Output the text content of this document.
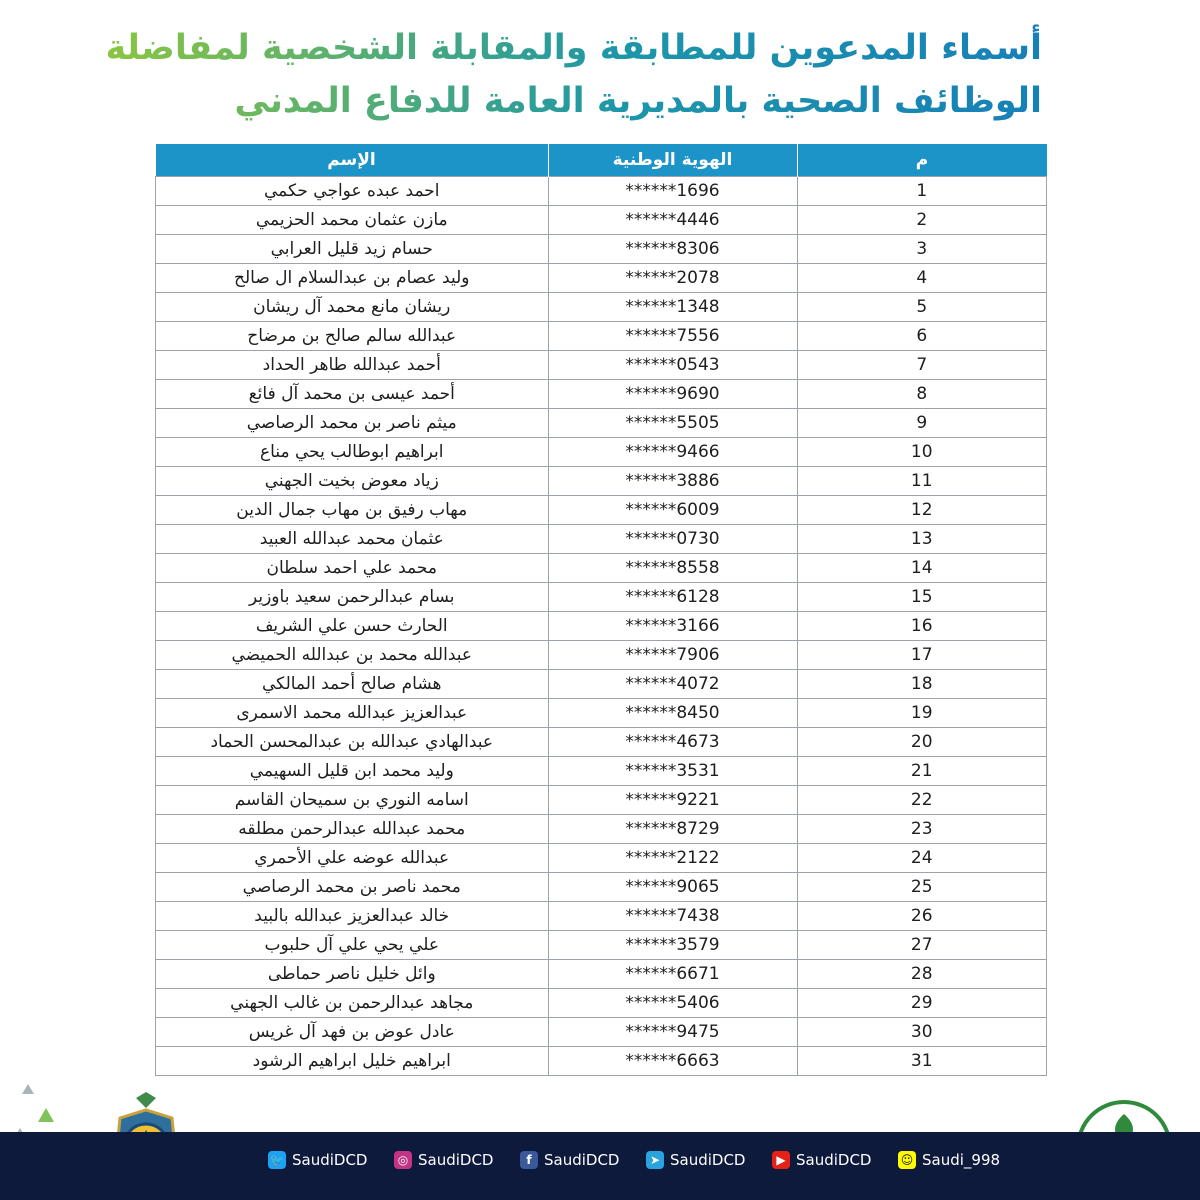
أسماء المدعوين للمطابقة والمقابلة الشخصية لمفاضلة
الوظائف الصحية بالمديرية العامة للدفاع المدني
الإسم	الهوية الوطنية	م
احمد عبده عواجي حكمي	******1696	1
مازن عثمان محمد الحزيمي	******4446	2
حسام زيد قليل العرابي	******8306	3
وليد عصام بن عبدالسلام ال صالح	******2078	4
ريشان مانع محمد آل ريشان	******1348	5
عبدالله سالم صالح بن مرضاح	******7556	6
أحمد عبدالله طاهر الحداد	******0543	7
أحمد عيسى بن محمد آل فائع	******9690	8
ميثم ناصر بن محمد الرصاصي	******5505	9
ابراهيم ابوطالب يحي مناع	******9466	10
زياد معوض بخيت الجهني	******3886	11
مهاب رفيق بن مهاب جمال الدين	******6009	12
عثمان محمد عبدالله العبيد	******0730	13
محمد علي احمد سلطان	******8558	14
بسام عبدالرحمن سعيد باوزير	******6128	15
الحارث حسن علي الشريف	******3166	16
عبدالله محمد بن عبدالله الحميضي	******7906	17
هشام صالح أحمد المالكي	******4072	18
عبدالعزيز عبدالله محمد الاسمرى	******8450	19
عبدالهادي عبدالله بن عبدالمحسن الحماد	******4673	20
وليد محمد ابن قليل السهيمي	******3531	21
اسامه النوري بن سميحان القاسم	******9221	22
محمد عبدالله عبدالرحمن مطلقه	******8729	23
عبدالله عوضه علي الأحمري	******2122	24
محمد ناصر بن محمد الرصاصي	******9065	25
خالد عبدالعزيز عبدالله بالبيد	******7438	26
علي يحي علي آل حلبوب	******3579	27
وائل خليل ناصر حماطى	******6671	28
مجاهد عبدالرحمن بن غالب الجهني	******5406	29
عادل عوض بن فهد آل غريس	******9475	30
ابراهيم خليل ابراهيم الرشود	******6663	31
🐦 SaudiDCD	◎ SaudiDCD	f SaudiDCD	➤ SaudiDCD	▶ SaudiDCD ☺ Saudi_998
